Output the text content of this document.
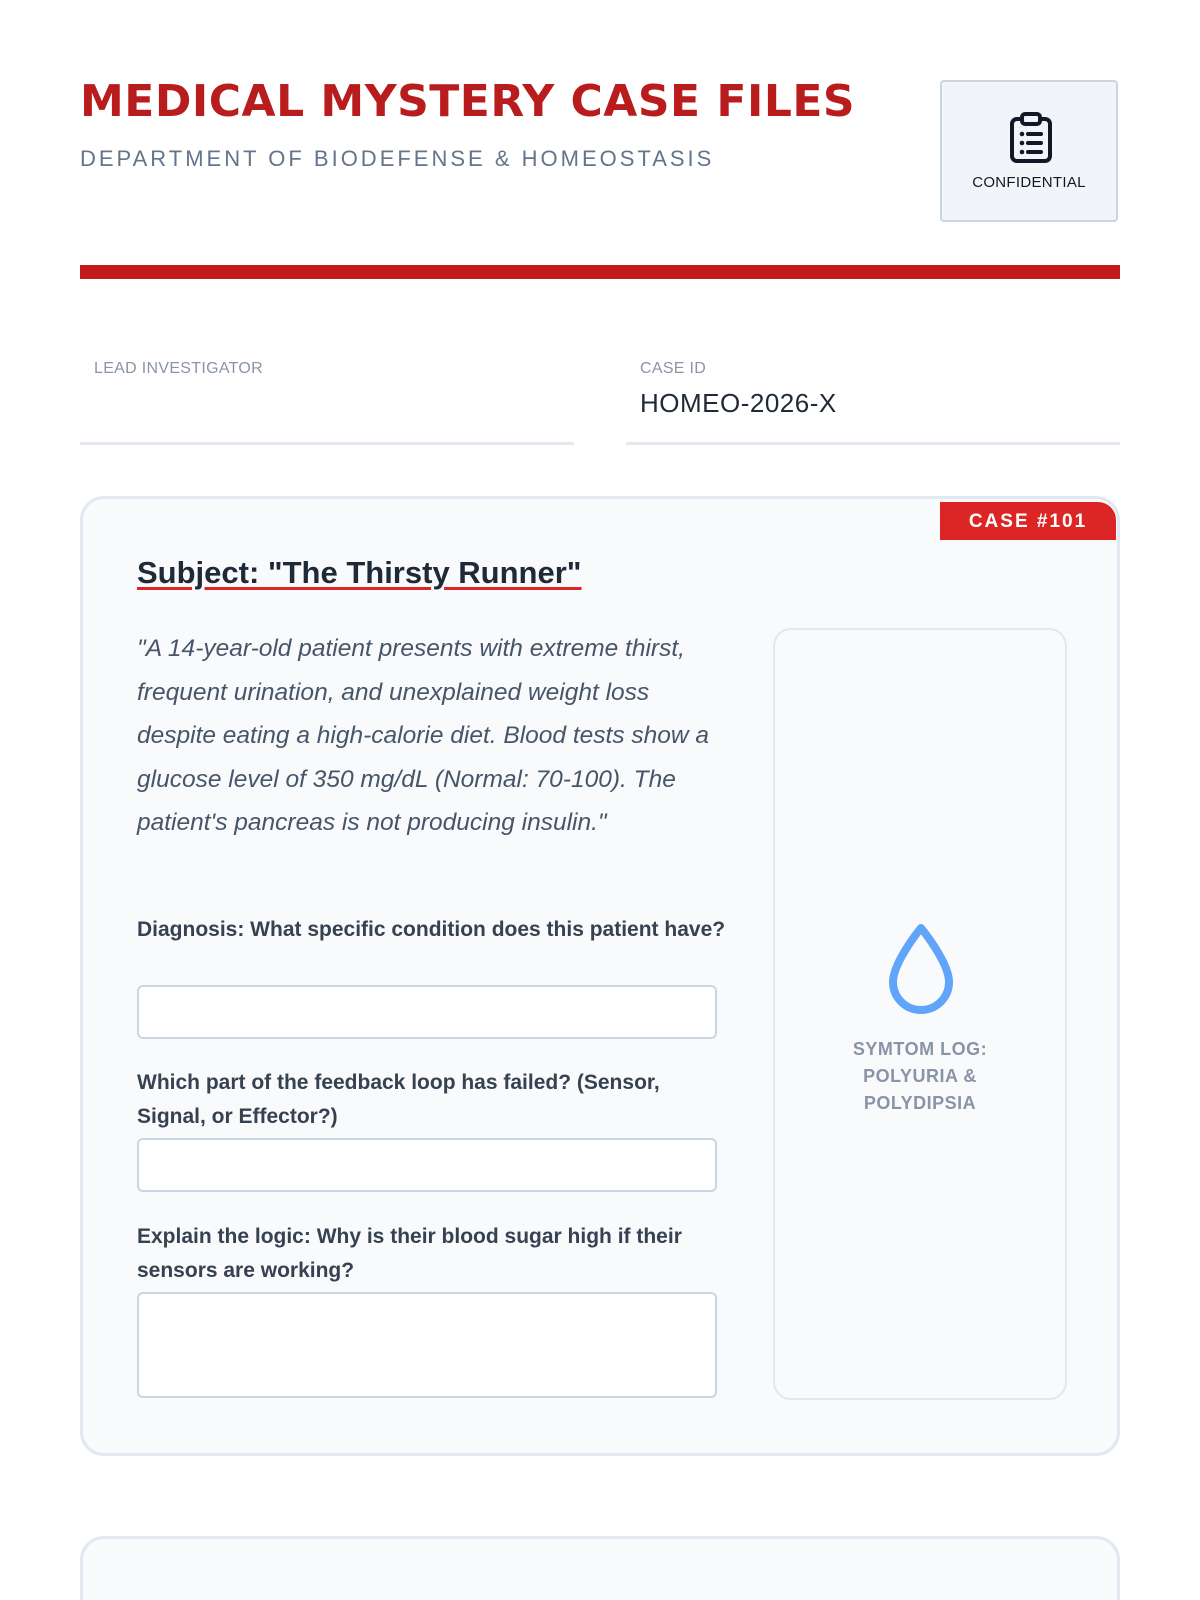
MEDICAL MYSTERY CASE FILES
DEPARTMENT OF BIODEFENSE & HOMEOSTASIS
CONFIDENTIAL
LEAD INVESTIGATOR	CASE ID
HOMEO-2026-X
CASE #101
Subject: "The Thirsty Runner"

"A 14-year-old patient presents with extreme thirst, frequent urination, and unexplained weight loss despite eating a high-calorie diet. Blood tests show a glucose level of 350 mg/dL (Normal: 70-100). The patient's pancreas is not producing insulin."

Diagnosis: What specific condition does this patient have?
Which part of the feedback loop has failed? (Sensor, Signal, or Effector?)
Explain the logic: Why is their blood sugar high if their sensors are working?
SYMTOM LOG: POLYURIA & POLYDIPSIA
